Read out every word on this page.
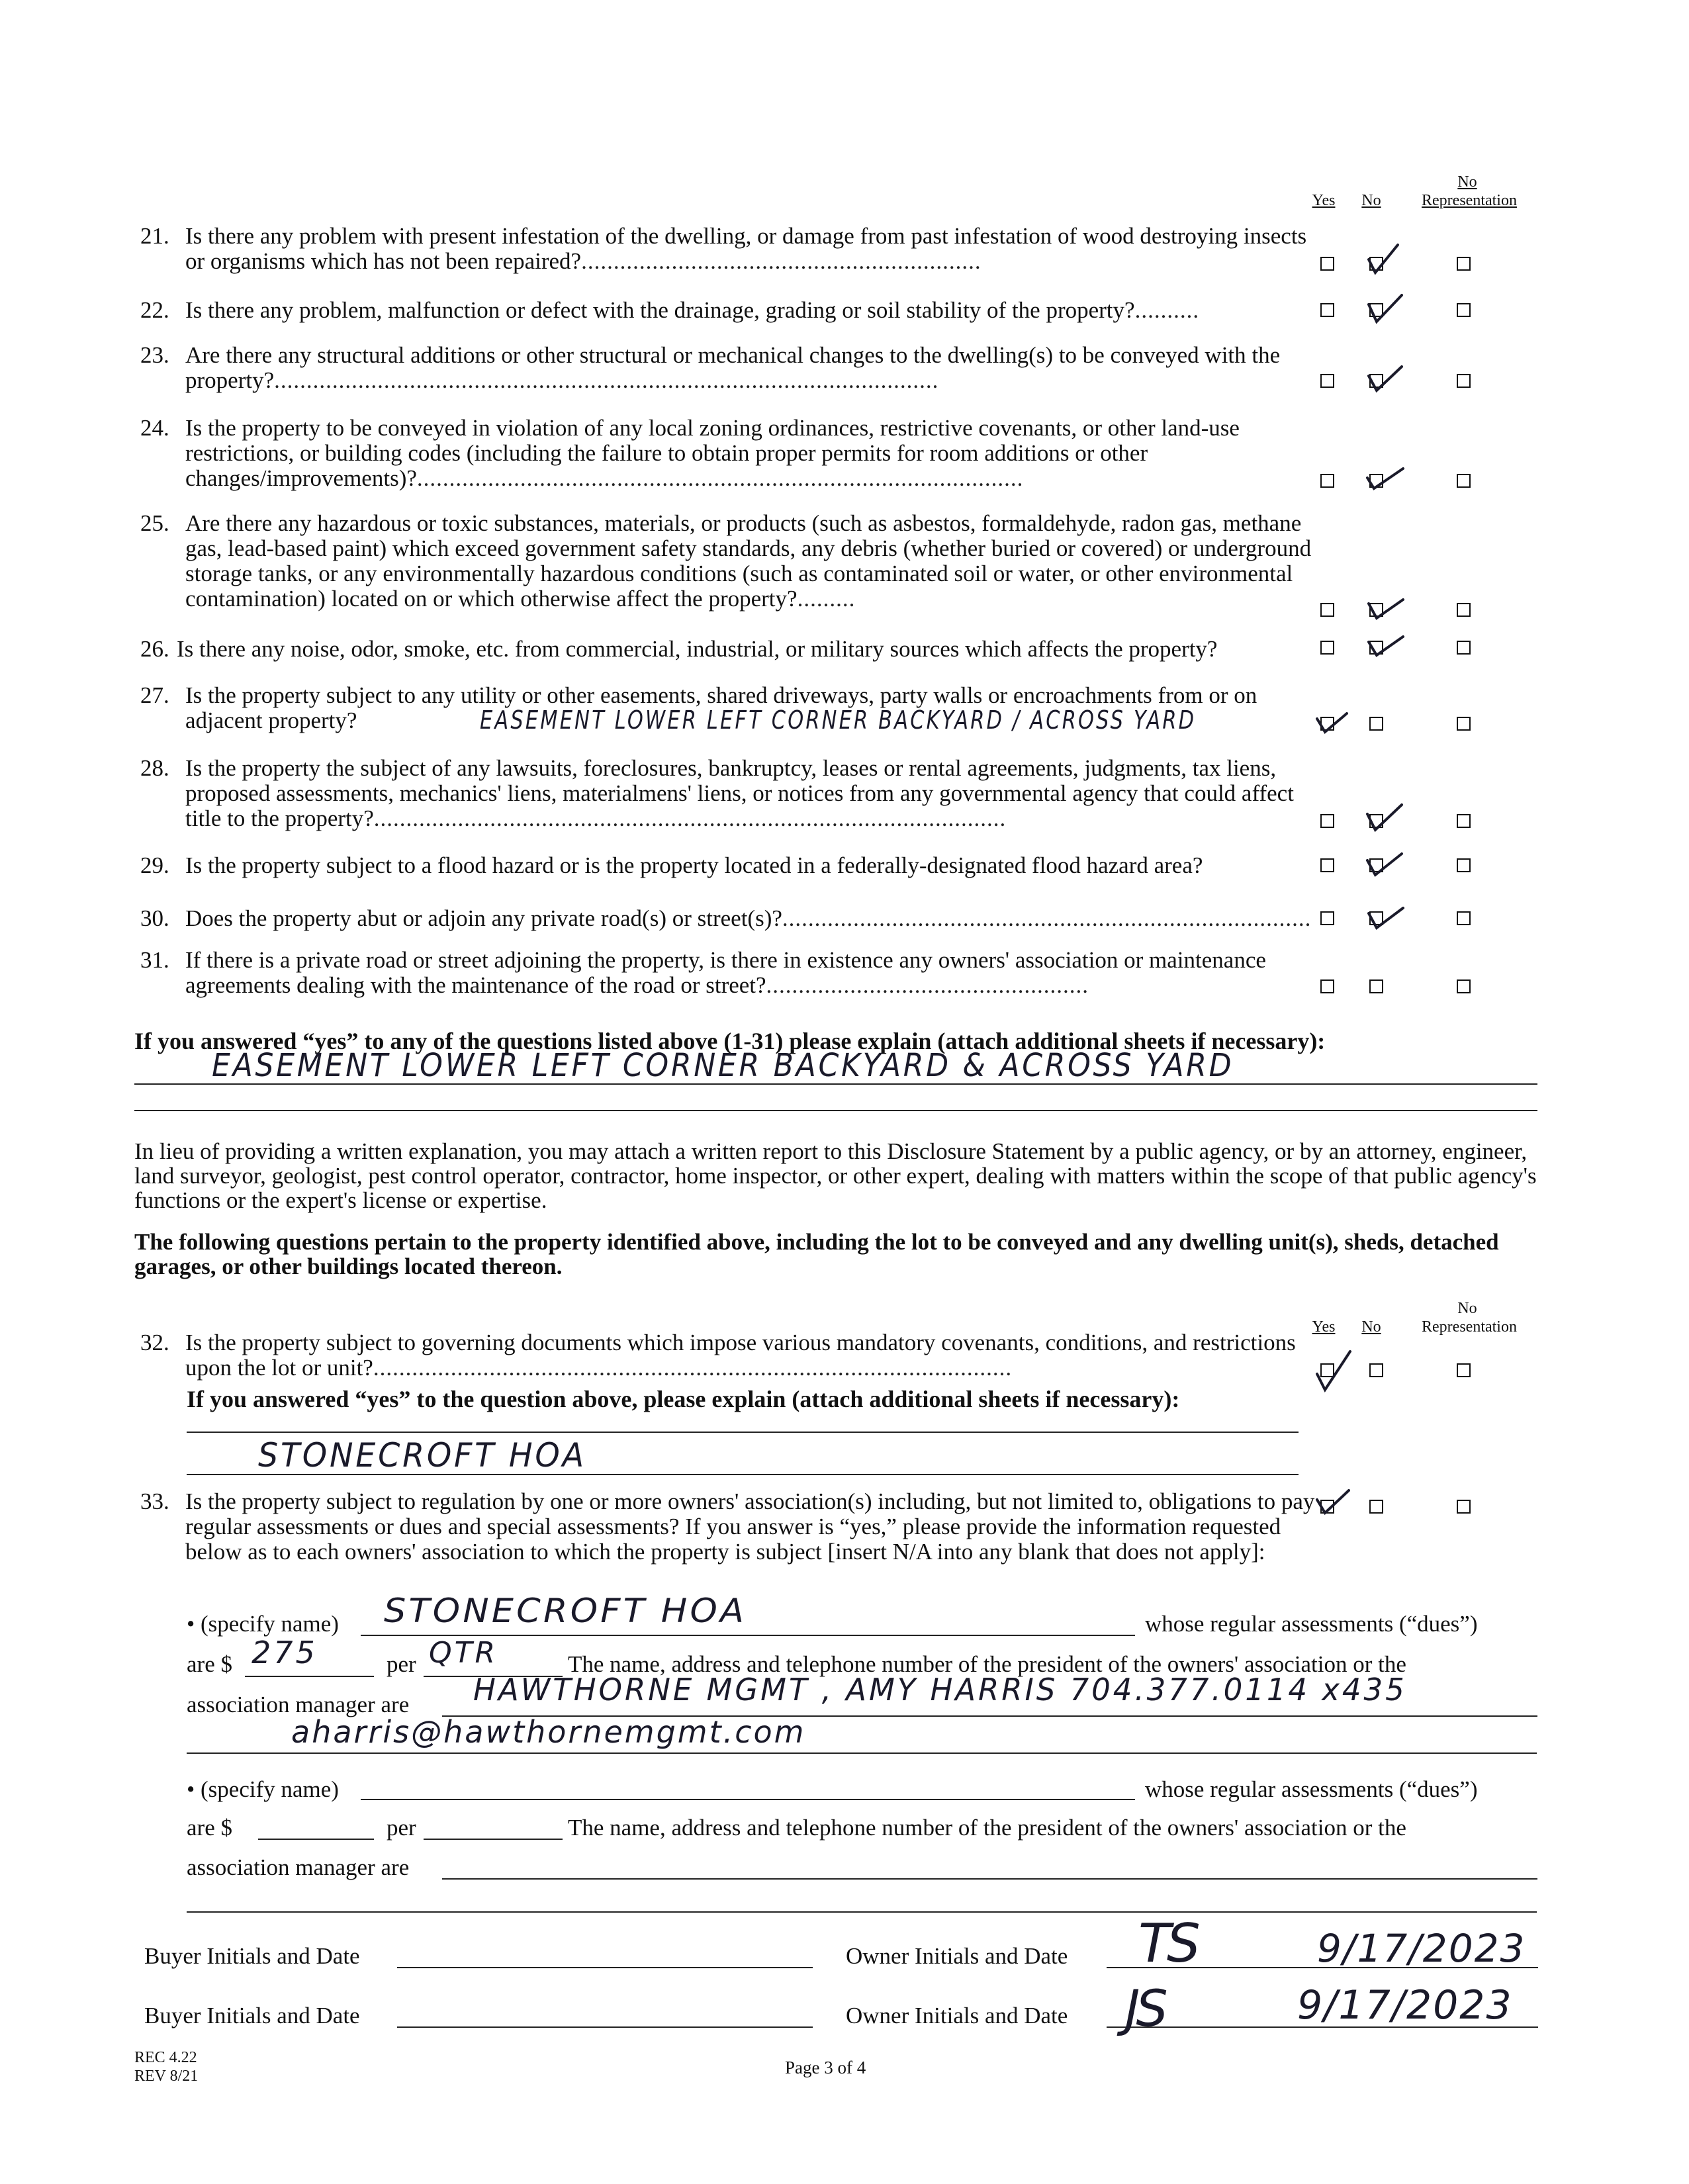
No
Yes	No	Representation
21. Is there any problem with present infestation of the dwelling, or damage from past infestation of wood destroying insects or organisms which has not been repaired?..............................................................
22. Is there any problem, malfunction or defect with the drainage, grading or soil stability of the property?..........
23. Are there any structural additions or other structural or mechanical changes to the dwelling(s) to be conveyed with the property?.......................................................................................................
24. Is the property to be conveyed in violation of any local zoning ordinances, restrictive covenants, or other land-use restrictions, or building codes (including the failure to obtain proper permits for room additions or other changes/improvements)?..............................................................................................
25. Are there any hazardous or toxic substances, materials, or products (such as asbestos, formaldehyde, radon gas, methane gas, lead-based paint) which exceed government safety standards, any debris (whether buried or covered) or underground storage tanks, or any environmentally hazardous conditions (such as contaminated soil or water, or other environmental contamination) located on or which otherwise affect the property?.........
26. Is there any noise, odor, smoke, etc. from commercial, industrial, or military sources which affects the property?
27. Is the property subject to any utility or other easements, shared driveways, party walls or encroachments from or on adjacent property?	EASEMENT LOWER LEFT CORNER BACKYARD / ACROSS YARD
28. Is the property the subject of any lawsuits, foreclosures, bankruptcy, leases or rental agreements, judgments, tax liens, proposed assessments, mechanics' liens, materialmens' liens, or notices from any governmental agency that could affect title to the property?..................................................................................................
29. Is the property subject to a flood hazard or is the property located in a federally-designated flood hazard area?
30. Does the property abut or adjoin any private road(s) or street(s)?..................................................................................
31. If there is a private road or street adjoining the property, is there in existence any owners' association or maintenance agreements dealing with the maintenance of the road or street?..................................................
If you answered “yes” to any of the questions listed above (1-31) please explain (attach additional sheets if necessary):
EASEMENT LOWER LEFT CORNER BACKYARD & ACROSS YARD
In lieu of providing a written explanation, you may attach a written report to this Disclosure Statement by a public agency, or by an attorney, engineer, land surveyor, geologist, pest control operator, contractor, home inspector, or other expert, dealing with matters within the scope of that public agency's functions or the expert's license or expertise.
The following questions pertain to the property identified above, including the lot to be conveyed and any dwelling unit(s), sheds, detached garages, or other buildings located thereon.
No
Yes	No	Representation
32. Is the property subject to governing documents which impose various mandatory covenants, conditions, and restrictions upon the lot or unit?...................................................................................................
If you answered “yes” to the question above, please explain (attach additional sheets if necessary):
STONECROFT HOA
33. Is the property subject to regulation by one or more owners' association(s) including, but not limited to, obligations to pay regular assessments or dues and special assessments? If you answer is “yes,” please provide the information requested below as to each owners' association to which the property is subject [insert N/A into any blank that does not apply]:
• (specify name) STONECROFT HOA	whose regular assessments (“dues”)
are $ 275	per QTR	The name, address and telephone number of the president of the owners' association or the
association manager are HAWTHORNE MGMT , AMY HARRIS 704.377.0114 x435
aharris@hawthornemgmt.com
• (specify name)	whose regular assessments (“dues”)
are $	per	The name, address and telephone number of the president of the owners' association or the
association manager are
Buyer Initials and Date	Owner Initials and Date TS	9/17/2023
Buyer Initials and Date	Owner Initials and Date JS	9/17/2023
REC 4.22
REV 8/21	Page 3 of 4
